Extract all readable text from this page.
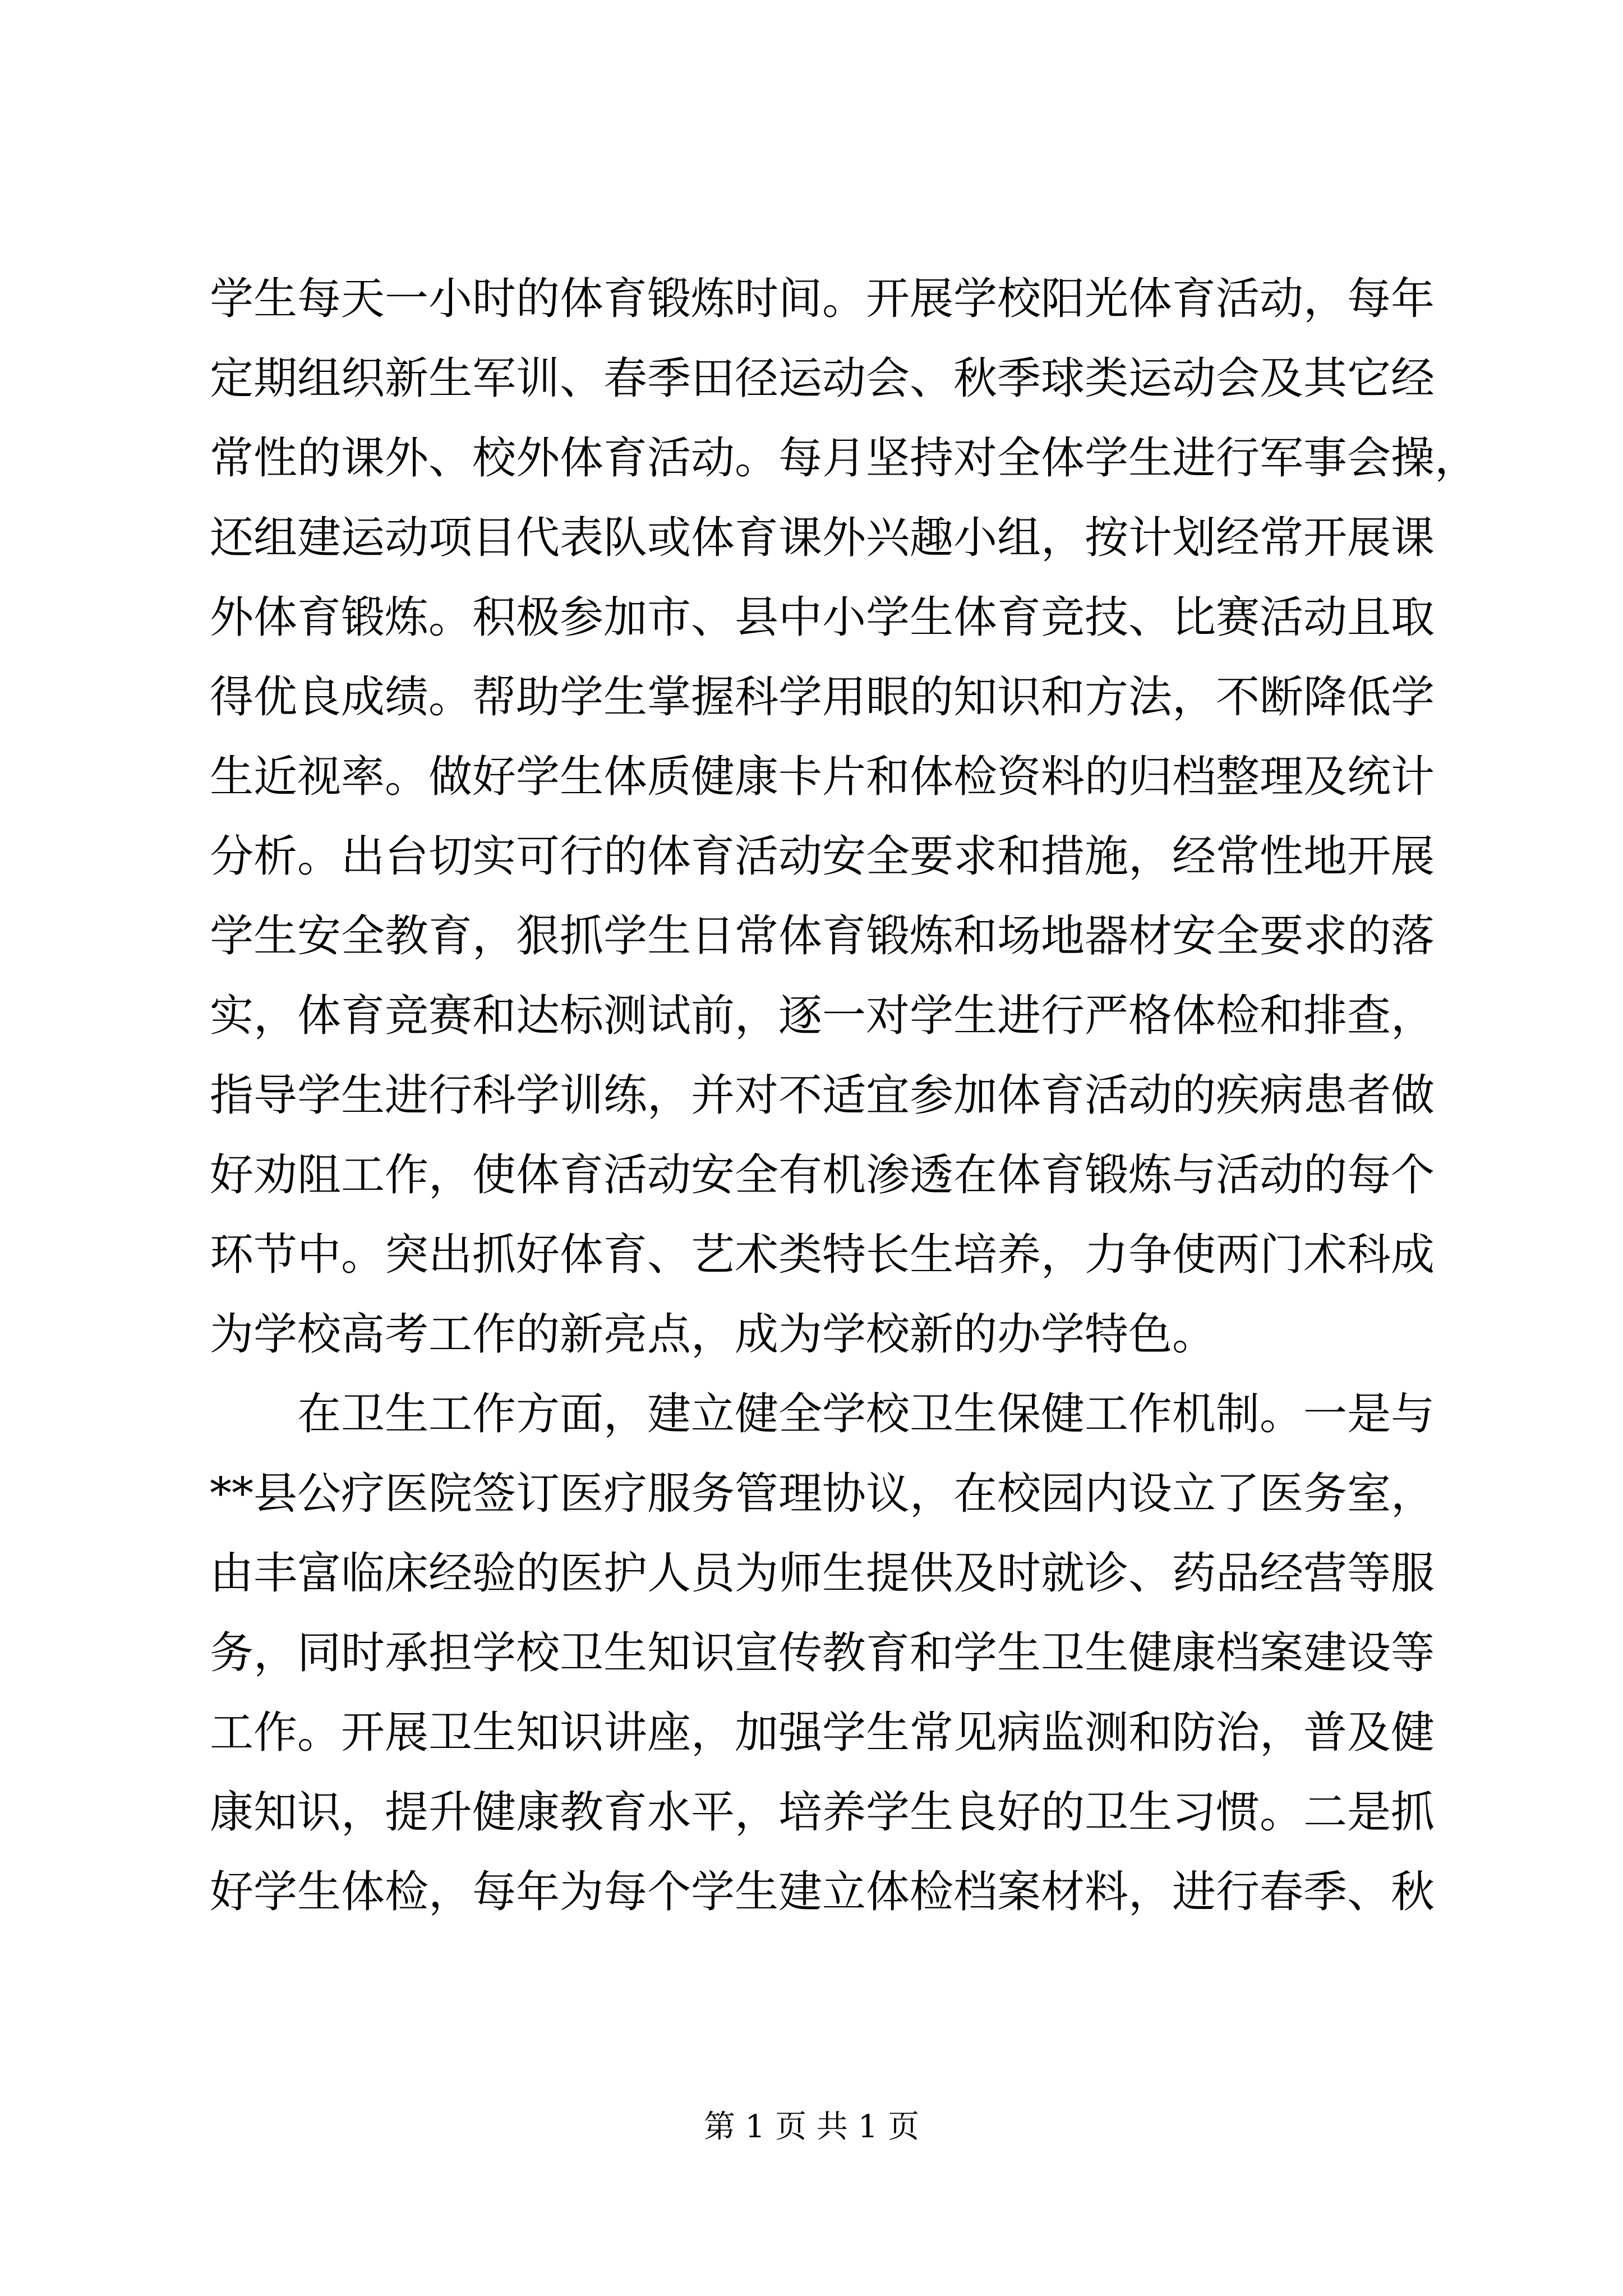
学生每天一小时的体育锻炼时间。开展学校阳光体育活动，每年
定期组织新生军训、春季田径运动会、秋季球类运动会及其它经
常性的课外、校外体育活动。每月坚持对全体学生进行军事会操，
还组建运动项目代表队或体育课外兴趣小组，按计划经常开展课
外体育锻炼。积极参加市、县中小学生体育竞技、比赛活动且取
得优良成绩。帮助学生掌握科学用眼的知识和方法，不断降低学
生近视率。做好学生体质健康卡片和体检资料的归档整理及统计
分析。出台切实可行的体育活动安全要求和措施，经常性地开展
学生安全教育，狠抓学生日常体育锻炼和场地器材安全要求的落
实，体育竞赛和达标测试前，逐一对学生进行严格体检和排查，
指导学生进行科学训练，并对不适宜参加体育活动的疾病患者做
好劝阻工作，使体育活动安全有机渗透在体育锻炼与活动的每个
环节中。突出抓好体育、艺术类特长生培养，力争使两门术科成
为学校高考工作的新亮点，成为学校新的办学特色。
在卫生工作方面，建立健全学校卫生保健工作机制。一是与
**县公疗医院签订医疗服务管理协议，在校园内设立了医务室，
由丰富临床经验的医护人员为师生提供及时就诊、药品经营等服
务，同时承担学校卫生知识宣传教育和学生卫生健康档案建设等
工作。开展卫生知识讲座，加强学生常见病监测和防治，普及健
康知识，提升健康教育水平，培养学生良好的卫生习惯。二是抓
好学生体检，每年为每个学生建立体检档案材料，进行春季、秋
第 1 页 共 1 页
